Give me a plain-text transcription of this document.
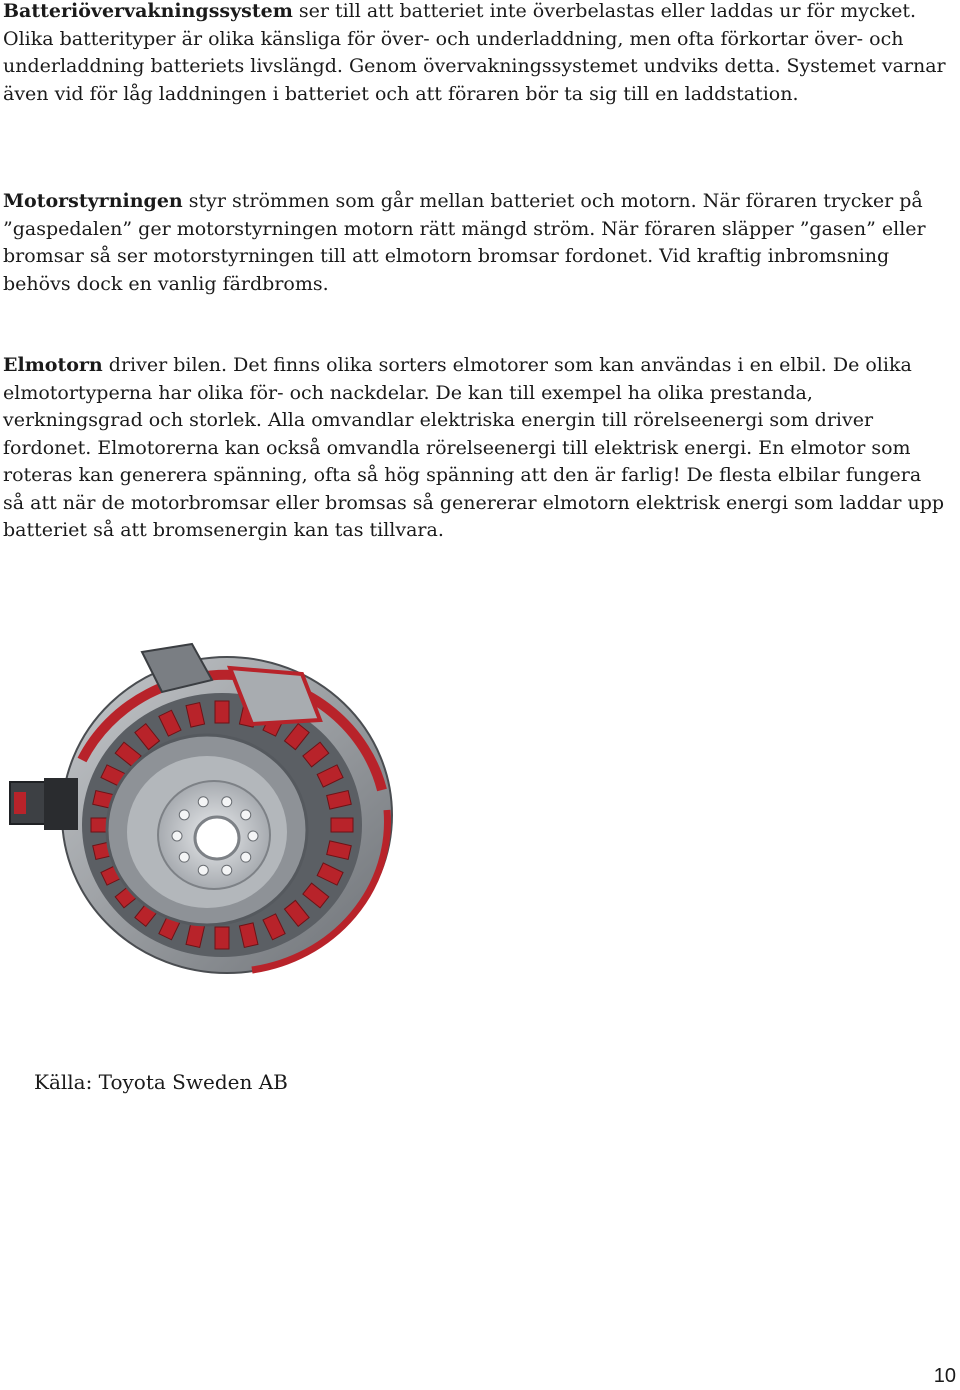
Batteriövervakningssystem ser till att batteriet inte överbelastas eller laddas ur för mycket. Olika batterityper är olika känsliga för över- och underladdning, men ofta förkortar över- och underladdning batteriets livslängd. Genom övervakningssystemet undviks detta. Systemet varnar även vid för låg laddningen i batteriet och att föraren bör ta sig till en laddstation.

Motorstyrningen styr strömmen som går mellan batteriet och motorn. När föraren trycker på ”gaspedalen” ger motorstyrningen motorn rätt mängd ström. När föraren släpper ”gasen” eller bromsar så ser motorstyrningen till att elmotorn bromsar fordonet. Vid kraftig inbromsning behövs dock en vanlig färdbroms.

Elmotorn driver bilen. Det finns olika sorters elmotorer som kan användas i en elbil. De olika elmotortyperna har olika för- och nackdelar. De kan till exempel ha olika prestanda, verkningsgrad och storlek. Alla omvandlar elektriska energin till rörelseenergi som driver fordonet. Elmotorerna kan också omvandla rörelseenergi till elektrisk energi. En elmotor som roteras kan generera spänning, ofta så hög spänning att den är farlig! De flesta elbilar fungera så att när de motorbromsar eller bromsas så genererar elmotorn elektrisk energi som laddar upp batteriet så att bromsenergin kan tas tillvara.

Källa: Toyota Sweden AB
10
